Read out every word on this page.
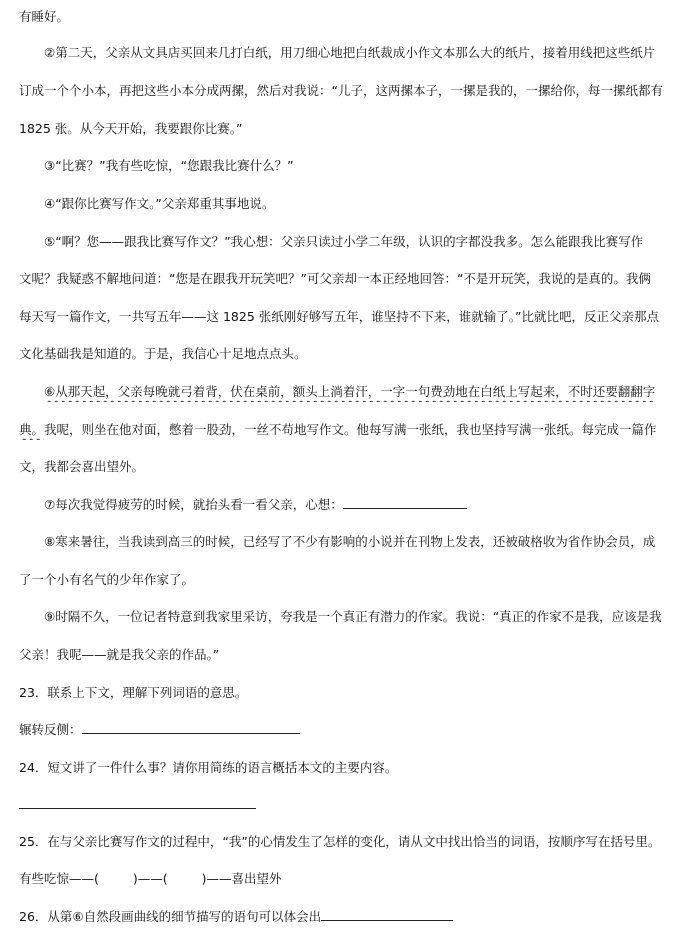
有睡好。
②第二天，父亲从文具店买回来几打白纸，用刀细心地把白纸裁成小作文本那么大的纸片，接着用线把这些纸片
订成一个个小本，再把这些小本分成两摞，然后对我说：“儿子，这两摞本子，一摞是我的，一摞给你，每一摞纸都有
1825 张。从今天开始，我要跟你比赛。”
③“比赛？”我有些吃惊，“您跟我比赛什么？”
④“跟你比赛写作文。”父亲郑重其事地说。
⑤“啊？您——跟我比赛写作文？”我心想：父亲只读过小学二年级，认识的字都没我多。怎么能跟我比赛写作
文呢？我疑惑不解地问道：“您是在跟我开玩笑吧？”可父亲却一本正经地回答：“不是开玩笑，我说的是真的。我俩
每天写一篇作文，一共写五年——这 1825 张纸刚好够写五年，谁坚持不下来，谁就输了。”比就比吧，反正父亲那点
文化基础我是知道的。于是，我信心十足地点点头。
⑥从那天起，父亲每晚就弓着背，伏在桌前，额头上淌着汗，一字一句费劲地在白纸上写起来，不时还要翻翻字
典。我呢，则坐在他对面，憋着一股劲，一丝不苟地写作文。他每写满一张纸，我也坚持写满一张纸。每完成一篇作
文，我都会喜出望外。
⑦每次我觉得疲劳的时候，就抬头看一看父亲，心想：
⑧寒来暑往，当我读到高三的时候，已经写了不少有影响的小说并在刊物上发表，还被破格收为省作协会员，成
了一个小有名气的少年作家了。
⑨时隔不久，一位记者特意到我家里采访，夸我是一个真正有潜力的作家。我说：“真正的作家不是我，应该是我
父亲！我呢——就是我父亲的作品。”
23．联系上下文，理解下列词语的意思。
辗转反侧：
24．短文讲了一件什么事？请你用简练的语言概括本文的主要内容。
25．在与父亲比赛写作文的过程中，“我”的心情发生了怎样的变化，请从文中找出恰当的词语，按顺序写在括号里。
有些吃惊——(	)——(	)——喜出望外
26．从第⑥自然段画曲线的细节描写的语句可以体会出
